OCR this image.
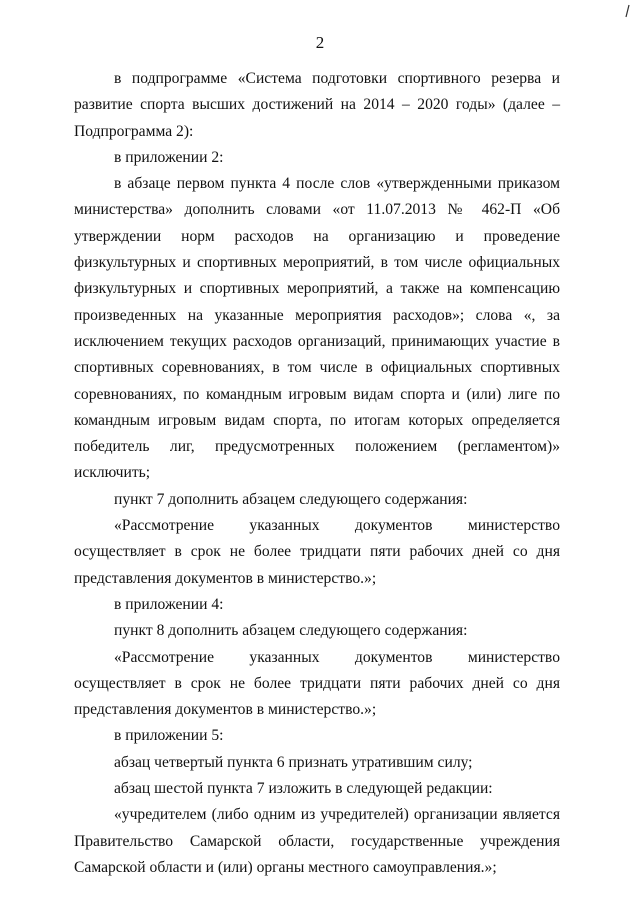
2

в подпрограмме «Система подготовки спортивного резерва и развитие спорта высших достижений на 2014 – 2020 годы» (далее – Подпрограмма 2):

в приложении 2:

в абзаце первом пункта 4 после слов «утвержденными приказом министерства» дополнить словами «от 11.07.2013 № 462-П «Об утверждении норм расходов на организацию и проведение физкультурных и спортивных мероприятий, в том числе официальных физкультурных и спортивных мероприятий, а также на компенсацию произведенных на указанные мероприятия расходов»; слова «, за исключением текущих расходов организаций, принимающих участие в спортивных соревнованиях, в том числе в официальных спортивных соревнованиях, по командным игровым видам спорта и (или) лиге по командным игровым видам спорта, по итогам которых определяется победитель лиг, предусмотренных положением (регламентом)» исключить;

пункт 7 дополнить абзацем следующего содержания:

«Рассмотрение указанных документов министерство осуществляет в срок не более тридцати пяти рабочих дней со дня представления документов в министерство.»;

в приложении 4:

пункт 8 дополнить абзацем следующего содержания:

«Рассмотрение указанных документов министерство осуществляет в срок не более тридцати пяти рабочих дней со дня представления документов в министерство.»;

в приложении 5:

абзац четвертый пункта 6 признать утратившим силу;

абзац шестой пункта 7 изложить в следующей редакции:

«учредителем (либо одним из учредителей) организации является Правительство Самарской области, государственные учреждения Самарской области и (или) органы местного самоуправления.»;
